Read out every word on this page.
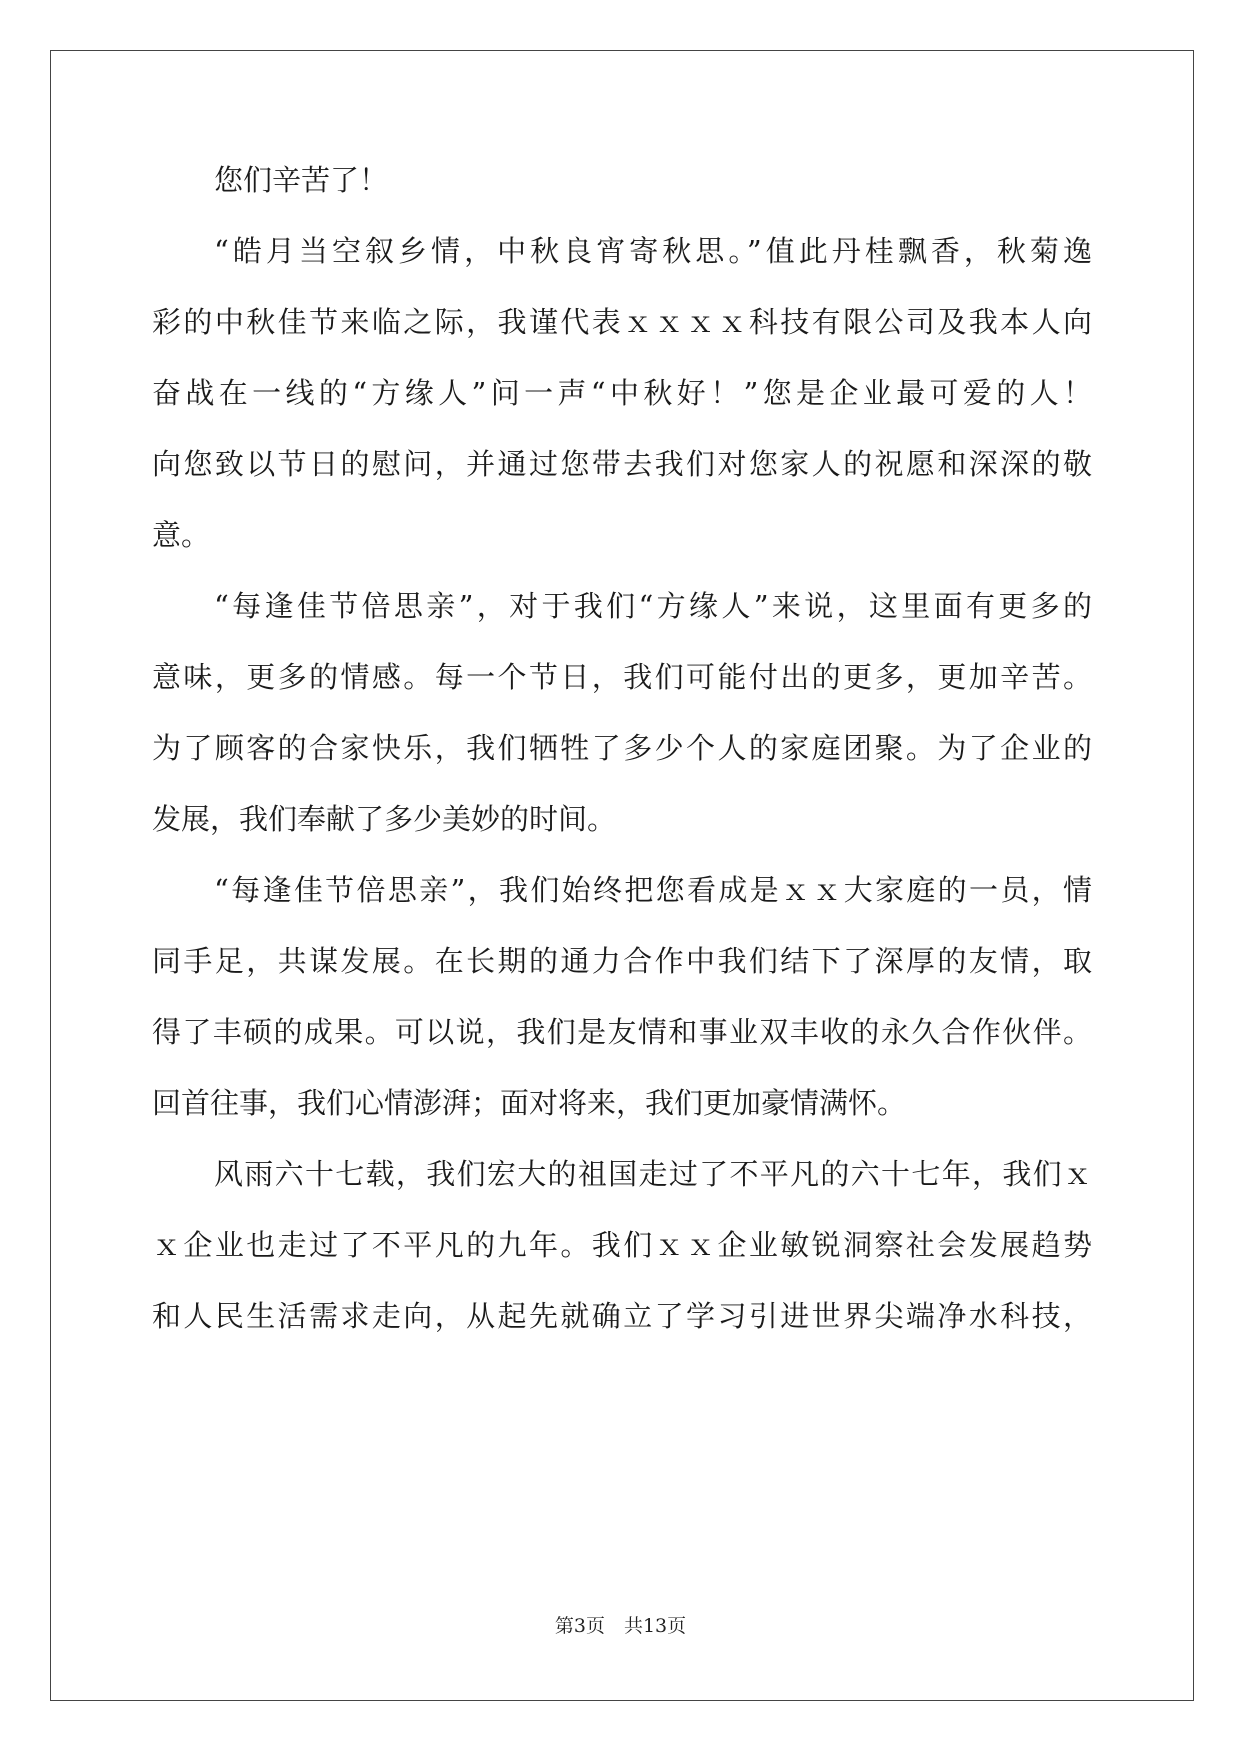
您们辛苦了！
“皓月当空叙乡情，中秋良宵寄秋思。”值此丹桂飘香，秋菊逸
彩的中秋佳节来临之际，我谨代表ｘｘｘｘ科技有限公司及我本人向
奋战在一线的“方缘人”问一声“中秋好！”您是企业最可爱的人！
向您致以节日的慰问，并通过您带去我们对您家人的祝愿和深深的敬
意。
“每逢佳节倍思亲”，对于我们“方缘人”来说，这里面有更多的
意味，更多的情感。每一个节日，我们可能付出的更多，更加辛苦。
为了顾客的合家快乐，我们牺牲了多少个人的家庭团聚。为了企业的
发展，我们奉献了多少美妙的时间。
“每逢佳节倍思亲”，我们始终把您看成是ｘｘ大家庭的一员，情
同手足，共谋发展。在长期的通力合作中我们结下了深厚的友情，取
得了丰硕的成果。可以说，我们是友情和事业双丰收的永久合作伙伴。
回首往事，我们心情澎湃；面对将来，我们更加豪情满怀。
风雨六十七载，我们宏大的祖国走过了不平凡的六十七年，我们ｘ
ｘ企业也走过了不平凡的九年。我们ｘｘ企业敏锐洞察社会发展趋势
和人民生活需求走向，从起先就确立了学习引进世界尖端净水科技，
第3页　共13页
